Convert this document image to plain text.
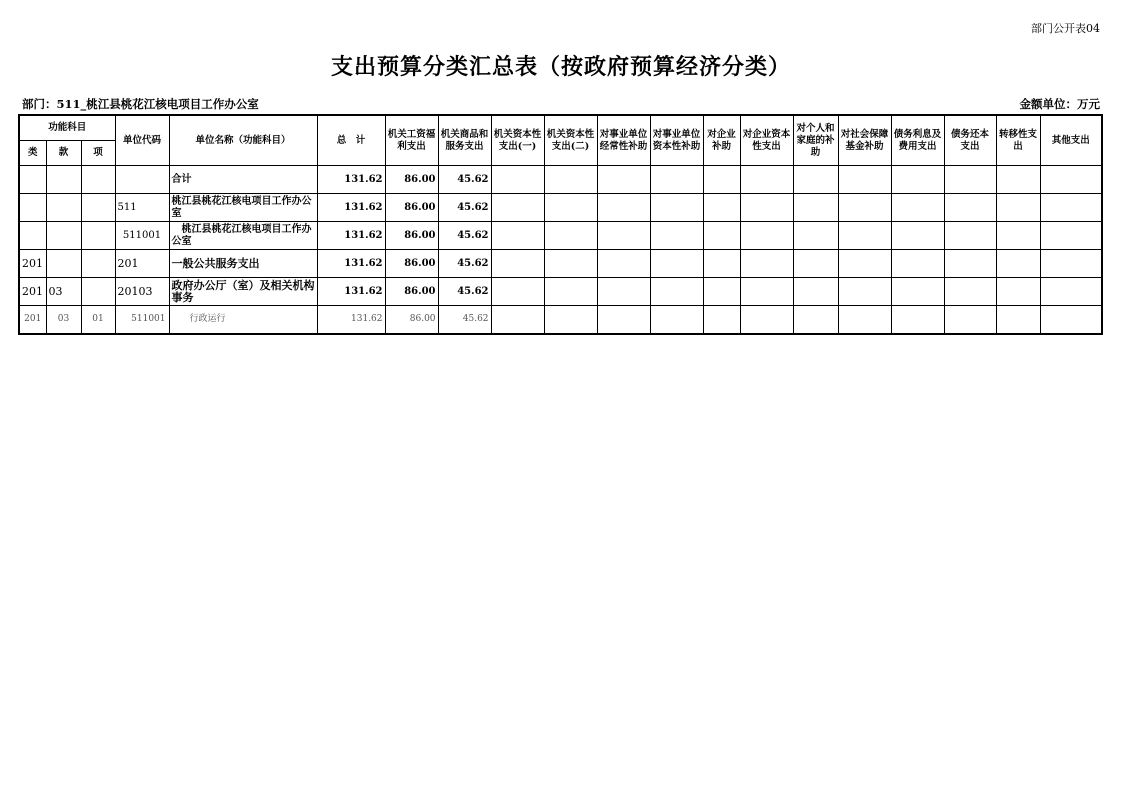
部门公开表04
支出预算分类汇总表（按政府预算经济分类）
部门：511_桃江县桃花江核电项目工作办公室	金额单位：万元
功能科目			单位代码	单位名称（功能科目）	总　计	机关工资福利支出	机关商品和服务支出	机关资本性支出(一)	机关资本性支出(二)	对事业单位经常性补助	对事业单位资本性补助	对企业补助	对企业资本性支出	对个人和家庭的补助	对社会保障基金补助	债务利息及费用支出	债务还本支出	转移性支出	其他支出
类	款	项																	
				合计	131.62	86.00	45.62												
			511	桃江县桃花江核电项目工作办公室	131.62	86.00	45.62												
			511001	桃江县桃花江核电项目工作办公室	131.62	86.00	45.62												
201			201	一般公共服务支出	131.62	86.00	45.62												
201	03		20103	政府办公厅（室）及相关机构事务	131.62	86.00	45.62												
201	03	01	511001	行政运行	131.62	86.00	45.62												
